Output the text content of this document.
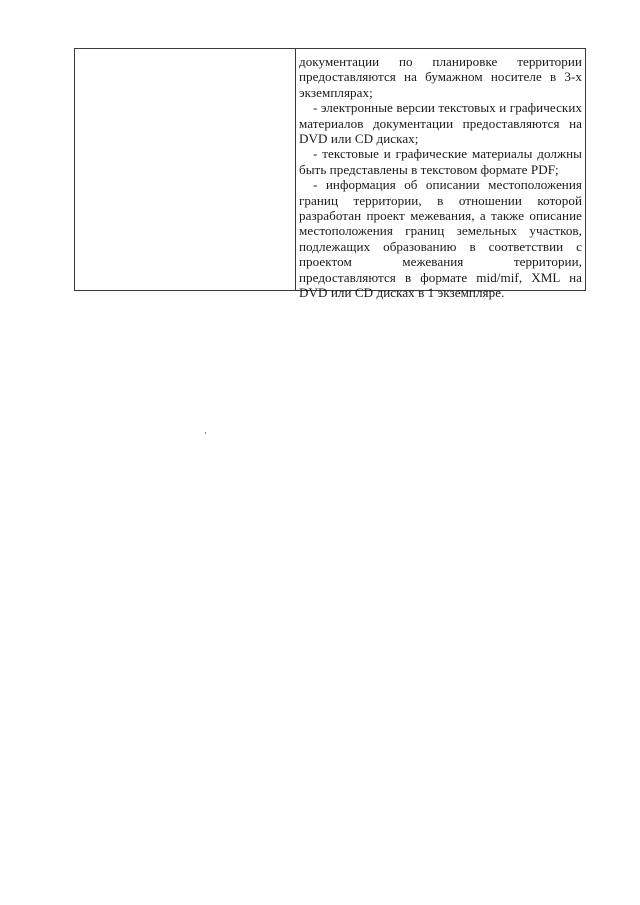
документации по планировке территории предоставляются на бумажном носителе в 3-х экземплярах;

- электронные версии текстовых и графических материалов документации предоставляются на DVD или CD дисках;

- текстовые и графические материалы должны быть представлены в текстовом формате PDF;

- информация об описании местоположения границ территории, в отношении которой разработан проект межевания, а также описание местоположения границ земельных участков, подлежащих образованию в соответствии с проектом межевания территории, предоставляются в формате mid/mif, XML на DVD или CD дисках в 1 экземпляре.
